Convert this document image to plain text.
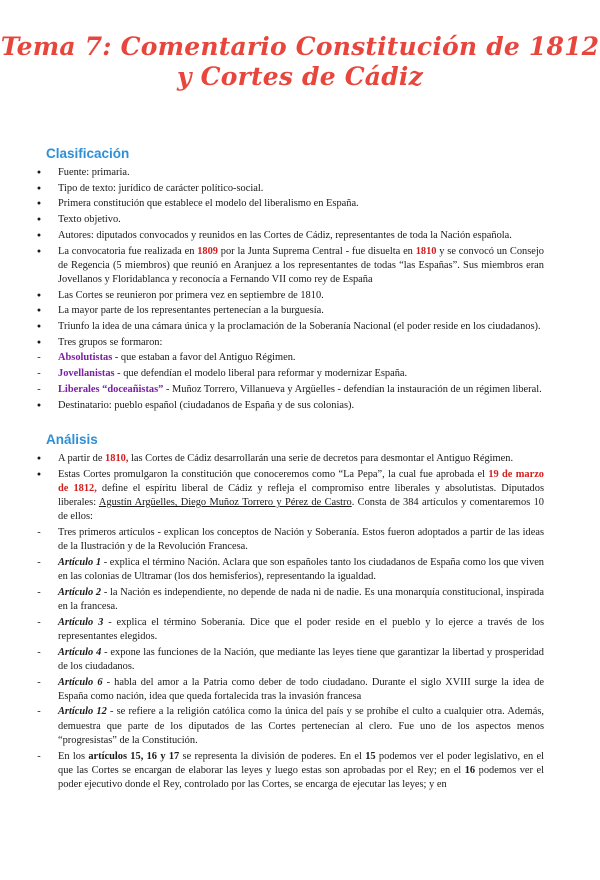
Tema 7: Comentario Constitución de 1812
y Cortes de Cádiz
Clasificación
●
Fuente: primaria.
●
Tipo de texto: jurídico de carácter político-social.
●
Primera constitución que establece el modelo del liberalismo en España.
●
Texto objetivo.
●
Autores: diputados convocados y reunidos en las Cortes de Cádiz, representantes de toda la Nación española.
●
La convocatoria fue realizada en 1809 por la Junta Suprema Central - fue disuelta en 1810 y se convocó un Consejo de Regencia (5 miembros) que reunió en Aranjuez a los representantes de todas “las Españas”. Sus miembros eran Jovellanos y Floridablanca y reconocía a Fernando VII como rey de España
●
Las Cortes se reunieron por primera vez en septiembre de 1810.
●
La mayor parte de los representantes pertenecían a la burguesía.
●
Triunfo la idea de una cámara única y la proclamación de la Soberanía Nacional (el poder reside en los ciudadanos).
●
Tres grupos se formaron:
-
Absolutistas - que estaban a favor del Antiguo Régimen.
-
Jovellanistas - que defendían el modelo liberal para reformar y modernizar España.
-
Liberales “doceañistas” - Muñoz Torrero, Villanueva y Argüelles - defendían la instauración de un régimen liberal.
●
Destinatario: pueblo español (ciudadanos de España y de sus colonias).
Análisis
●
A partir de 1810, las Cortes de Cádiz desarrollarán una serie de decretos para desmontar el Antiguo Régimen.
●
Estas Cortes promulgaron la constitución que conoceremos como “La Pepa”, la cual fue aprobada el 19 de marzo de 1812, define el espíritu liberal de Cádiz y refleja el compromiso entre liberales y absolutistas. Diputados liberales: Agustín Argüelles, Diego Muñoz Torrero y Pérez de Castro. Consta de 384 artículos y comentaremos 10 de ellos:
-
Tres primeros artículos - explican los conceptos de Nación y Soberanía. Estos fueron adoptados a partir de las ideas de la Ilustración y de la Revolución Francesa.
-
Artículo 1 - explica el término Nación. Aclara que son españoles tanto los ciudadanos de España como los que viven en las colonias de Ultramar (los dos hemisferios), representando la igualdad.
-
Artículo 2 - la Nación es independiente, no depende de nada ni de nadie. Es una monarquía constitucional, inspirada en la francesa.
-
Artículo 3 - explica el término Soberanía. Dice que el poder reside en el pueblo y lo ejerce a través de los representantes elegidos.
-
Artículo 4 - expone las funciones de la Nación, que mediante las leyes tiene que garantizar la libertad y prosperidad de los ciudadanos.
-
Artículo 6 - habla del amor a la Patria como deber de todo ciudadano. Durante el siglo XVIII surge la idea de España como nación, idea que queda fortalecida tras la invasión francesa
-
Artículo 12 - se refiere a la religión católica como la única del país y se prohíbe el culto a cualquier otra. Además, demuestra que parte de los diputados de las Cortes pertenecían al clero. Fue uno de los aspectos menos “progresistas” de la Constitución.
-
En los artículos 15, 16 y 17 se representa la división de poderes. En el 15 podemos ver el poder legislativo, en el que las Cortes se encargan de elaborar las leyes y luego estas son aprobadas por el Rey; en el 16 podemos ver el poder ejecutivo donde el Rey, controlado por las Cortes, se encarga de ejecutar las leyes; y en
